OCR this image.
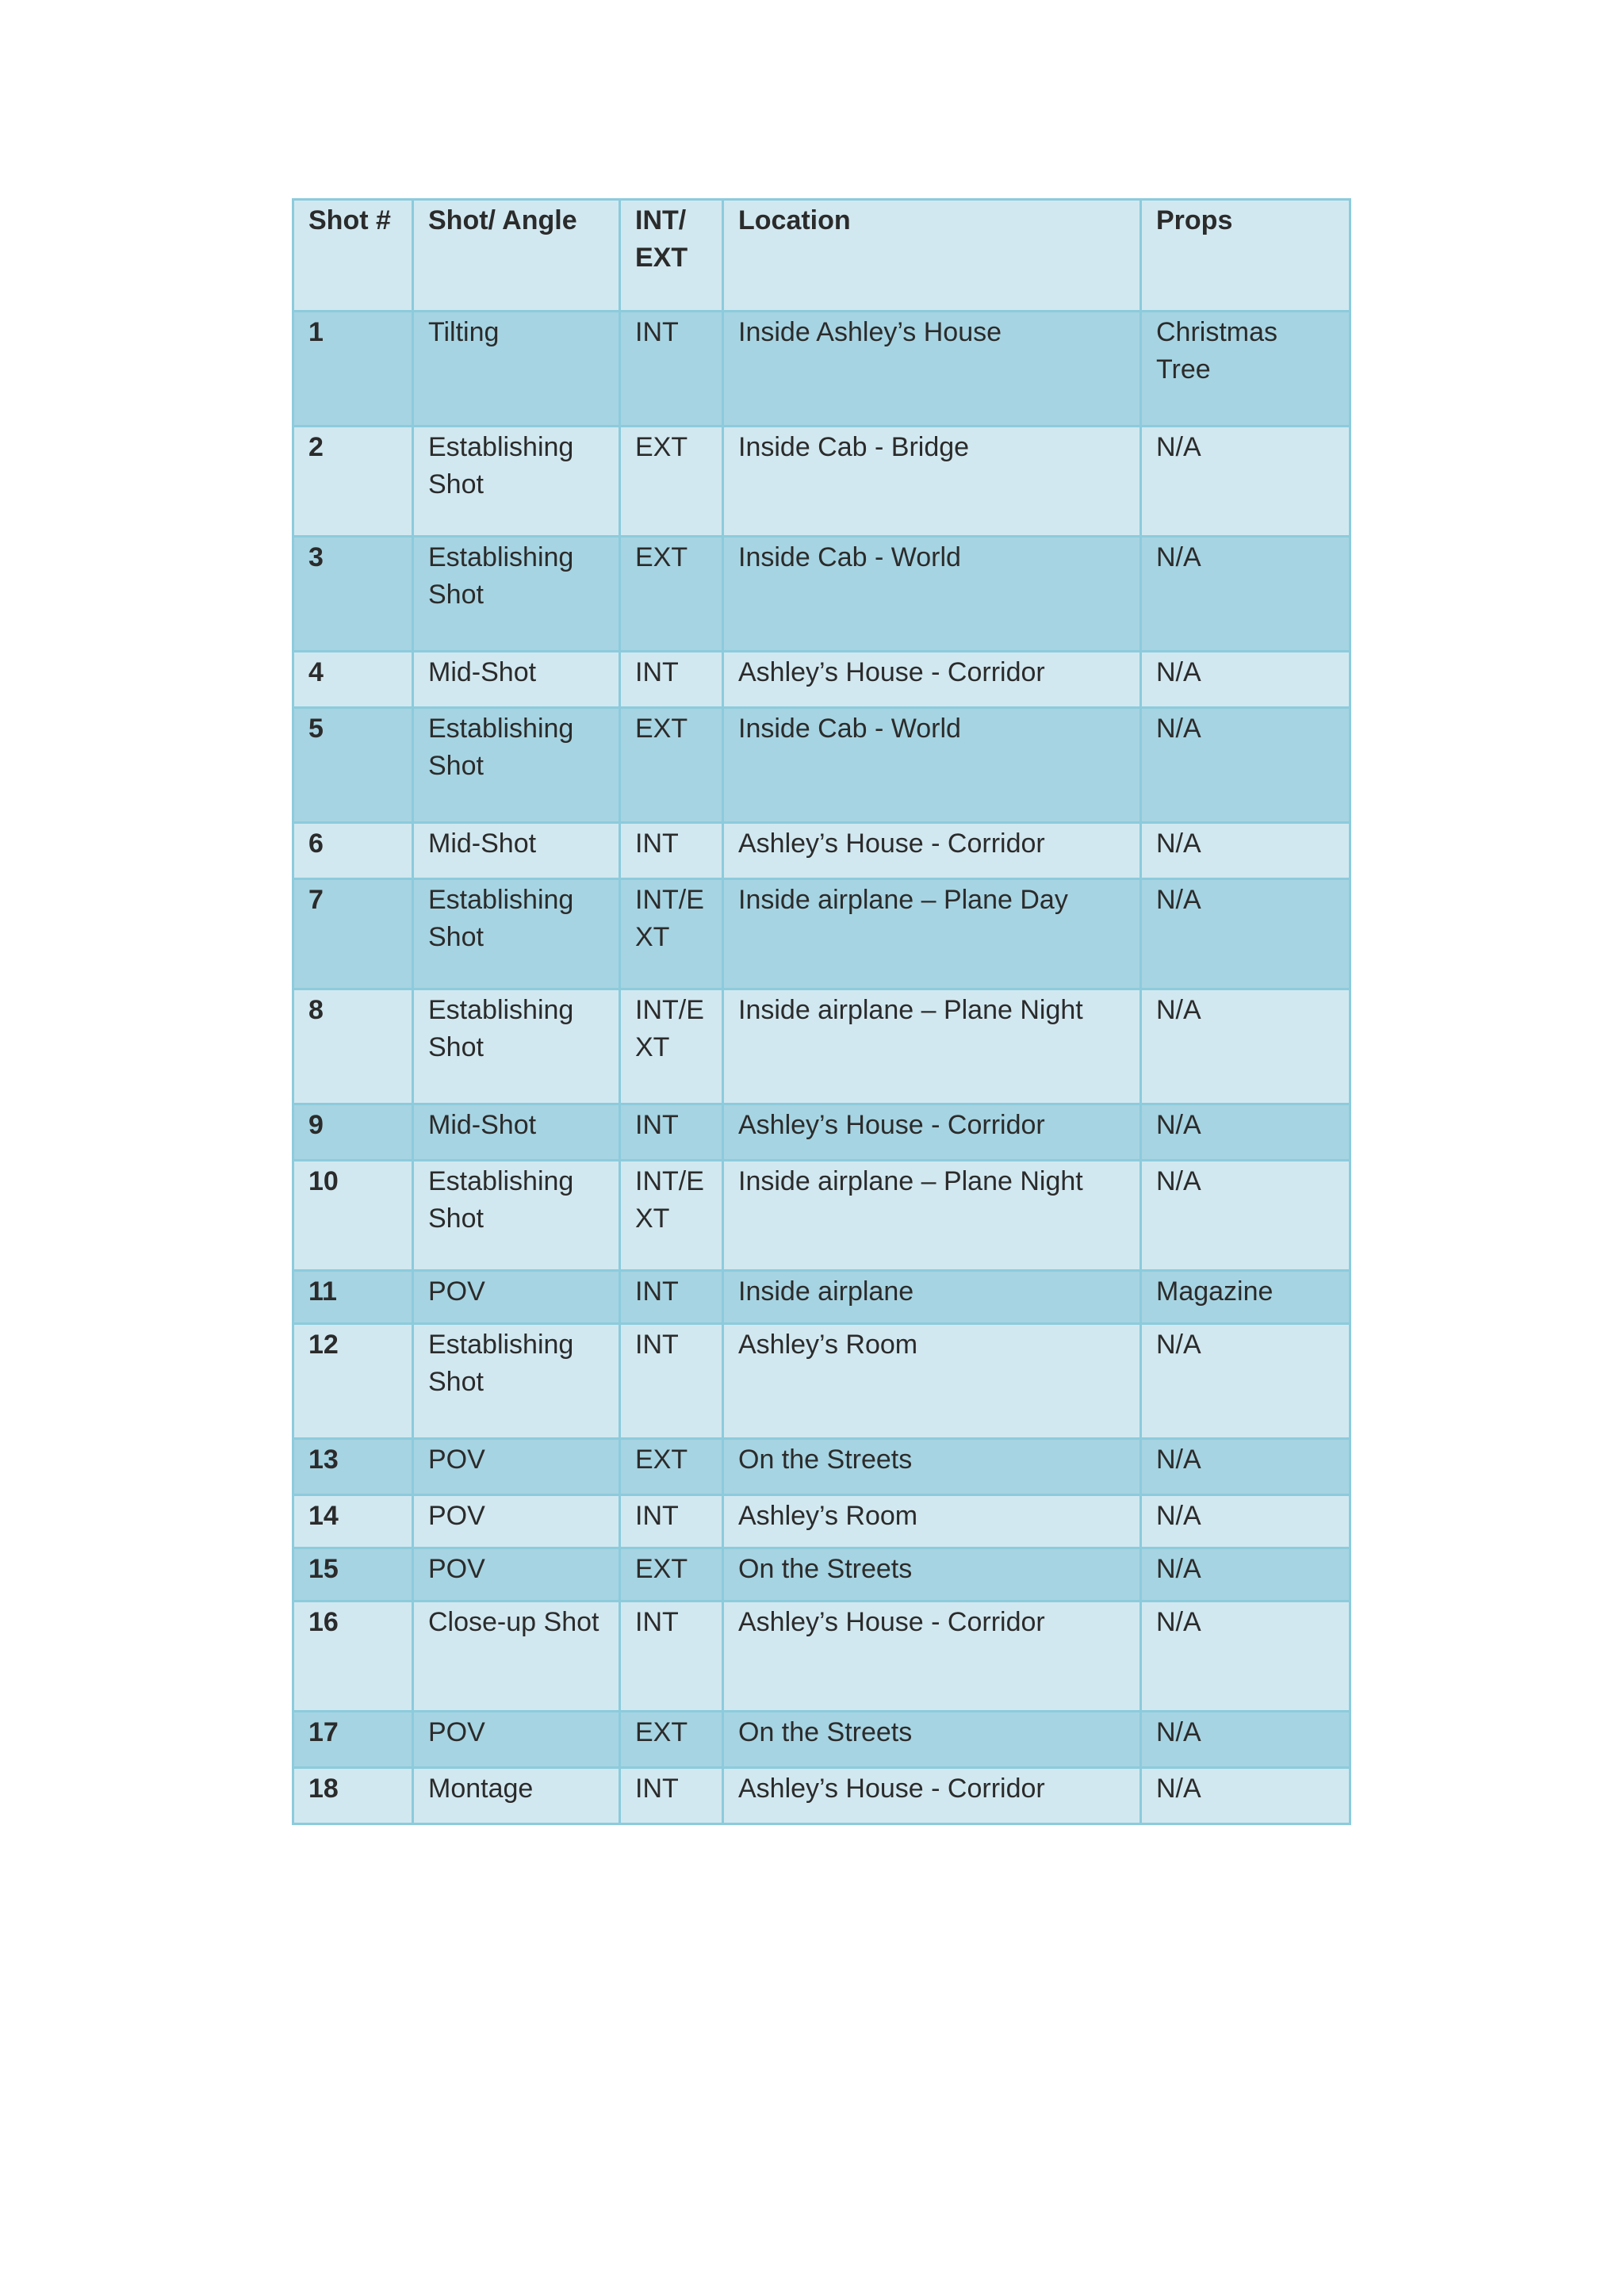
Shot #	Shot/ Angle	INT/ EXT	Location	Props
1	Tilting	INT	Inside Ashley’s House	Christmas Tree
2	Establishing Shot	EXT	Inside Cab - Bridge	N/A
3	Establishing Shot	EXT	Inside Cab - World	N/A
4	Mid-Shot	INT	Ashley’s House - Corridor	N/A
5	Establishing Shot	EXT	Inside Cab - World	N/A
6	Mid-Shot	INT	Ashley’s House - Corridor	N/A
7	Establishing Shot	INT/EXT	Inside airplane – Plane Day	N/A
8	Establishing Shot	INT/EXT	Inside airplane – Plane Night	N/A
9	Mid-Shot	INT	Ashley’s House - Corridor	N/A
10	Establishing Shot	INT/EXT	Inside airplane – Plane Night	N/A
11	POV	INT	Inside airplane	Magazine
12	Establishing Shot	INT	Ashley’s Room	N/A
13	POV	EXT	On the Streets	N/A
14	POV	INT	Ashley’s Room	N/A
15	POV	EXT	On the Streets	N/A
16	Close-up Shot	INT	Ashley’s House - Corridor	N/A
17	POV	EXT	On the Streets	N/A
18	Montage	INT	Ashley’s House - Corridor	N/A
